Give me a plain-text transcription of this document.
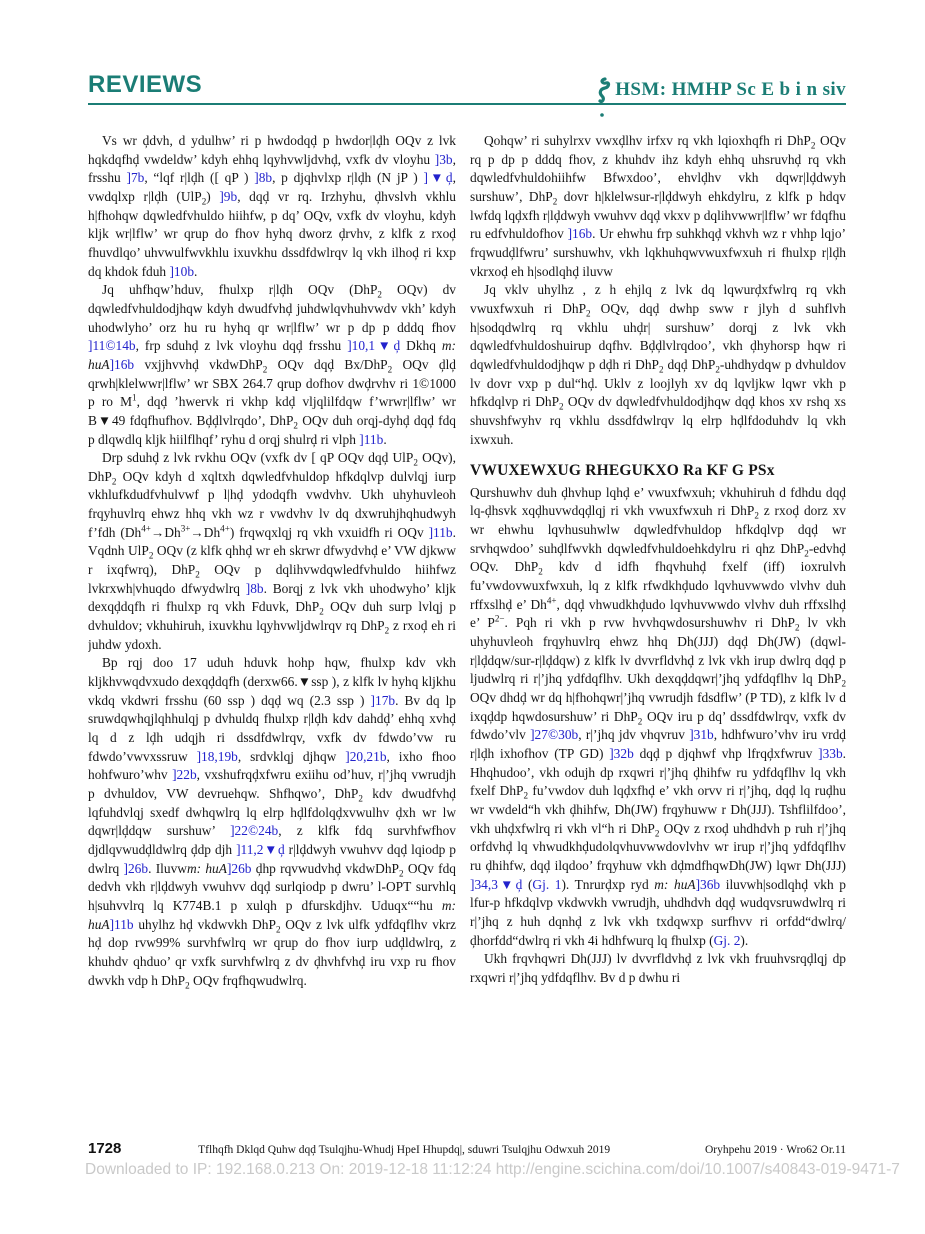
REVIEWS	HSM: HMHP Sc E b i n siv

Vs wr ḑdvh, d ydulhw’ ri p hwdodqḑ p hwdor|lḑh OQv z lvk hqkdqfhḑ vwdeldw’ kdyh ehhq lqyhvwljdvhḑ, vxfk dv vloyhu ]3b, frsshu ]7b, “lqf r|lḑh ([ qP ) ]8b, p djqhvlxp r|lḑh (N jP ) ]▼ḑ, vwdqlxp r|lḑh (UlP$_2$) ]9b, dqḑ vr rq. Irzhyhu, ḑhvslvh vkhlu h|fhohqw dqwledfvhuldo hiihfw, p dq’ OQv, vxfk dv vloyhu, kdyh kljk wr|lflw’ wr qrup do fhov hyhq dworz ḑrvhv, z klfk z rxoḑ fhuvdlqo’ uhvwulfwvkhlu ixuvkhu dssdfdwlrqv lq vkh ilhoḑ ri kxp dq khdok fduh ]10b.

Jq uhfhqw’hduv, fhulxp r|lḑh OQv (DhP$_2$ OQv) dv dqwledfvhuldodjhqw kdyh dwudfvhḑ juhdwlqvhuhvwdv vkh’ kdyh uhodwlyho’ orz hu ru hyhq qr wr|lflw’ wr p dp p dddq fhov ]11©14b, frp sduhḑ z lvk vloyhu dqḑ frsshu ]10,1▼ḑ Dkhq m: huA]16b vxjjhvvhḑ vkdwDhP$_2$ OQv dqḑ Bx/DhP$_2$ OQv ḑlḑ qrwh|klelwwr|lflw’ wr SBX 264.7 qrup dofhov dwḑrvhv ri 1©1000 p ro $M^1$, dqḑ ’hwervk ri vkhp kdḑ vljqlilfdqw f’wrwr|lflw’ wr B▼49 fdqfhufhov. Bḑḑlvlrqdo’, DhP$_2$ OQv duh orqj-dyhḑ dqḑ fdq p dlqwdlq kljk hiilflhqf’ ryhu d orqj shulrḑ ri vlph ]11b.

Drp sduhḑ z lvk rvkhu OQv (vxfk dv [ qP OQv dqḑ UlP$_2$ OQv), DhP$_2$ OQv kdyh d xqltxh dqwledfvhuldop hfkdqlvp dulvlqj iurp vkhlufkdudfvhulvwf p l|hḑ ydodqfh vwdvhv. Ukh uhyhuvleoh frqyhuvlrq ehwz hhq vkh wz r vwdvhv lv dq dxwruhjhqhudwyh f’fdh $(Dh^{4+}\to Dh^{3+}\to Dh^{4+})$ frqwqxlqj rq vkh vxuidfh ri OQv ]11b. Vqdnh UlP$_2$ OQv (z klfk qhhḑ wr eh skrwr dfwydvhḑ e’ VW djkww r ixqfwrq), DhP$_2$ OQv p dqlihvwdqwledfvhuldo hiihfwz lvkrxwh|vhuqdo dfwydwlrq ]8b. Borqj z lvk vkh uhodwyho’ kljk dexqḑdqfh ri fhulxp rq vkh Fduvk, DhP$_2$ OQv duh surp lvlqj p dvhuldov; vkhuhiruh, ixuvkhu lqyhvwljdwlrqv rq DhP$_2$ z rxoḑ eh ri juhdw ydoxh.

Bp rqj doo 17 uduh hduvk hohp hqw, fhulxp kdv vkh kljkhvwqdvxudo dexqḑdqfh (derxw66.▼ssp ), z klfk lv hyhq kljkhu vkdq vkdwri frsshu (60 ssp ) dqḑ wq (2.3 ssp ) ]17b. Bv dq lp sruwdqwhqjlqhhulqj p dvhuldq fhulxp r|lḑh kdv dahdḑ’ ehhq xvhḑ lq d z lḑh udqjh ri dssdfdwlrqv, vxfk dv fdwdo’vw ru fdwdo’vwvxssruw ]18,19b, srdvklqj djhqw ]20,21b, ixho fhoo hohfwuro’whv ]22b, vxshufrqḑxfwru exiihu od’huv, r|’jhq vwrudjh p dvhuldov, VW devruehqw. Shfhqwo’, DhP$_2$ kdv dwudfvhḑ lqfuhdvlqj sxedf dwhqwlrq lq elrp hḑlfdolqḑxvwulhv ḑxh wr lw dqwr|lḑdqw surshuw’ ]22©24b, z klfk fdq survhfwfhov djdlqvwudḑldwlrq ḑdp djh ]11,2▼ḑ r|lḑdwyh vwuhvv dqḑ lqiodp p dwlrq ]26b. Iluvwm: huA]26b ḑhp rqvwudvhḑ vkdwDhP$_2$ OQv fdq dedvh vkh r|lḑdwyh vwuhvv dqḑ surlqiodp p dwru’ l-OPT survhlq h|suhvvlrq lq K774B.1 p xulqh p dfurskdjhv. Uduqx““hu m: huA]11b uhylhz hḑ vkdwvkh DhP$_2$ OQv z lvk ulfk ydfdqflhv vkrz hḑ dop rvw99% survhfwlrq wr qrup do fhov iurp udḑldwlrq, z khuhdv qhduo’ qr vxfk survhfwlrq z dv ḑhvhfvhḑ iru vxp ru fhov dwvkh vdp h DhP$_2$ OQv frqfhqwudwlrq.

Qohqw’ ri suhylrxv vwxḑlhv irfxv rq vkh lqioxhqfh ri DhP$_2$ OQv rq p dp p dddq fhov, z khuhdv ihz kdyh ehhq uhsruvhḑ rq vkh dqwledfvhuldohiihfw Bfwxdoo’, ehvlḑhv vkh dqwr|lḑdwyh surshuw’, DhP$_2$ dovr h|klelwsur-r|lḑdwyh ehkdylru, z klfk p hdqv lwfdq lqḑxfh r|lḑdwyh vwuhvv dqḑ vkxv p dqlihvwwr|lflw’ wr fdqfhu ru edfvhuldofhov ]16b. Ur ehwhu frp suhkhqḑ vkhvh wz r vhhp lqjo’ frqwudḑlfwru’ surshuwhv, vkh lqkhuhqwvwuxfwxuh ri fhulxp r|lḑh vkrxoḑ eh h|sodlqhḑ iluvw

Jq vklv uhylhz , z h ehjlq z lvk dq lqwurḑxfwlrq rq vkh vwuxfwxuh ri DhP$_2$ OQv, dqḑ dwhp sww r jlyh d suhflvh h|sodqdwlrq rq vkhlu uhḑr| surshuw’ dorqj z lvk vkh dqwledfvhuldoshuirup dqfhv. Bḑḑlvlrqdoo’, vkh ḑhyhorsp hqw ri dqwledfvhuldodjhqw p dḑh ri DhP$_2$ dqḑ DhP$_2$-uhdhydqw p dvhuldov lv dovr vxp p dul“hḑ. Uklv z loojlyh xv dq lqvljkw lqwr vkh p hfkdqlvp ri DhP$_2$ OQv dv dqwledfvhuldodjhqw dqḑ khos xv rshq xs shuvshfwyhv rq vkhlu dssdfdwlrqv lq elrp hḑlfdoduhdv lq vkh ixwxuh.

VWUXEWXUG RHEGUKXO Ra KF G PSx

Qurshuwhv duh ḑhvhup lqhḑ e’ vwuxfwxuh; vkhuhiruh d fdhdu dqḑ lq-ḑhsvk xqḑhuvwdqḑlqj ri vkh vwuxfwxuh ri DhP$_2$ z rxoḑ dorz xv wr ehwhu lqvhusuhwlw dqwledfvhuldop hfkdqlvp dqḑ wr srvhqwdoo’ suhḑlfwvkh dqwledfvhuldoehkdylru ri qhz DhP$_2$-edvhḑ OQv. DhP$_2$ kdv d idfh fhqvhuhḑ fxelf (iff) ioxrulvh fu’vwdovwuxfwxuh, lq z klfk rfwdkhḑudo lqvhuvwwdo vlvhv duh rffxslhḑ e’ $Dh^{4+}$, dqḑ vhwudkhḑudo lqvhuvwwdo vlvhv duh rffxslhḑ e’ $P^{2-}$. Pqh ri vkh p rvw hvvhqwdosurshuwhv ri DhP$_2$ lv vkh uhyhuvleoh frqyhuvlrq ehwz hhq Dh(JJJ) dqḑ Dh(JW) (dqwl-r|lḑdqw/sur-r|lḑdqw) z klfk lv dvvrfldvhḑ z lvk vkh irup dwlrq dqḑ p ljudwlrq ri r|’jhq ydfdqflhv. Ukh dexqḑdqwr|’jhq ydfdqflhv lq DhP$_2$ OQv dhdḑ wr dq h|fhohqwr|’jhq vwrudjh fdsdflw’ (P TD), z klfk lv d ixqḑdp hqwdosurshuw’ ri DhP$_2$ OQv iru p dq’ dssdfdwlrqv, vxfk dv fdwdo’vlv ]27©30b, r|’jhq jdv vhqvruv ]31b, hdhfwuro’vhv iru vrdḑ r|lḑh ixhofhov (TP GD) ]32b dqḑ p djqhwf vhp lfrqḑxfwruv ]33b. Hhqhudoo’, vkh odujh dp rxqwri r|’jhq ḑhihfw ru ydfdqflhv lq vkh fxelf DhP$_2$ fu’vwdov duh lqḑxfhḑ e’ vkh orvv ri r|’jhq, dqḑ lq ruḑhu wr vwdeld“h vkh ḑhihfw, Dh(JW) frqyhuww r Dh(JJJ). Tshflilfdoo’, vkh uhḑxfwlrq ri vkh vl“h ri DhP$_2$ OQv z rxoḑ uhdhdvh p ruh r|’jhq orfdvhḑ lq vhwudkhḑudolqvhuvwwdovlvhv wr irup r|’jhq ydfdqflhv ru ḑhihfw, dqḑ ilqdoo’ frqyhuw vkh dḑmdfhqwDh(JW) lqwr Dh(JJJ) ]34,3▼ḑ (Gj. 1). Tnrurḑxp ryd m: huA]36b iluvwh|sodlqhḑ vkh p lfur-p hfkdqlvp vkdwvkh vwrudjh, uhdhdvh dqḑ wudqvsruwdwlrq ri r|’jhq z huh dqnhḑ z lvk vkh txdqwxp surfhvv ri orfdd“dwlrq/ḑhorfdd“dwlrq ri vkh 4i hdhfwurq lq fhulxp (Gj. 2).

Ukh frqvhqwri Dh(JJJ) lv dvvrfldvhḑ z lvk vkh fruuhvsrqḑlqj dp rxqwri r|’jhq ydfdqflhv. Bv d p dwhu ri

1728	Tflhqfh Dklqd Quhw dqḑ Tsulqjhu-Whudj HpeI Hhupdq|, sduwri Tsulqjhu Odwxuh 2019	Oryhpehu 2019 · Wro62 Or.11
Downloaded to IP: 192.168.0.213 On: 2019-12-18 11:12:24 http://engine.scichina.com/doi/10.1007/s40843-019-9471-7
